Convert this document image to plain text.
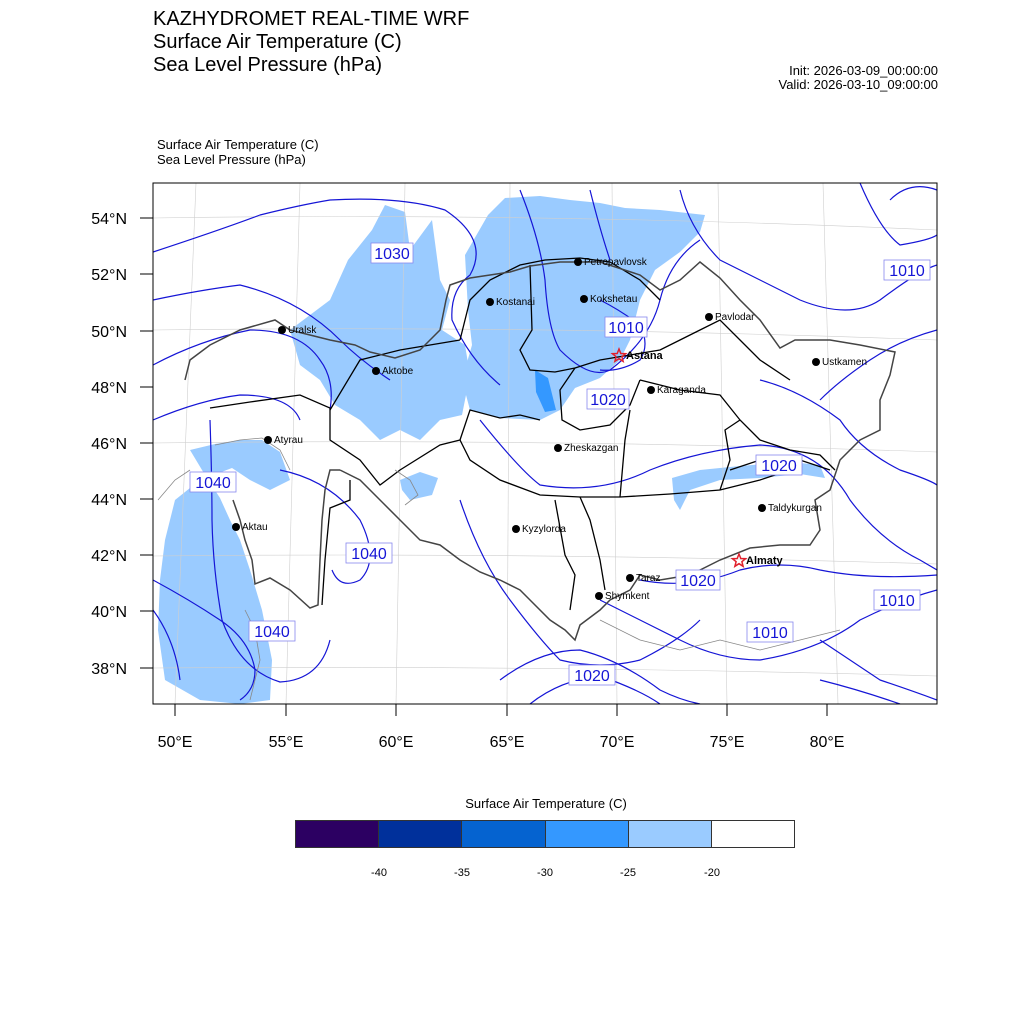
KAZHYDROMET REAL-TIME WRF
Surface Air Temperature (C)
Sea Level Pressure (hPa)	Init: 2026-03-09_00:00:00
Valid: 2026-03-10_09:00:00
Surface Air Temperature (C)
Sea Level Pressure (hPa)
1030
1010
1010
1020
1020
1040
1040
1040
1020
1010
1010
1020
Petropavlovsk
Kostanai	Kokshetau
Pavlodar
Uralsk
Aktobe
Karaganda
Ustkamen
Atyrau
Zheskazgan
Aktau	Kyzylorda
Taldykurgan
Taraz
Shymkent
Astana
Almaty
54°N
52°N
50°N
48°N
46°N
44°N
42°N
40°N
38°N
50°E	55°E	60°E	65°E	70°E	75°E	80°E
Surface Air Temperature (C)
-40	-35	-30	-25	-20
